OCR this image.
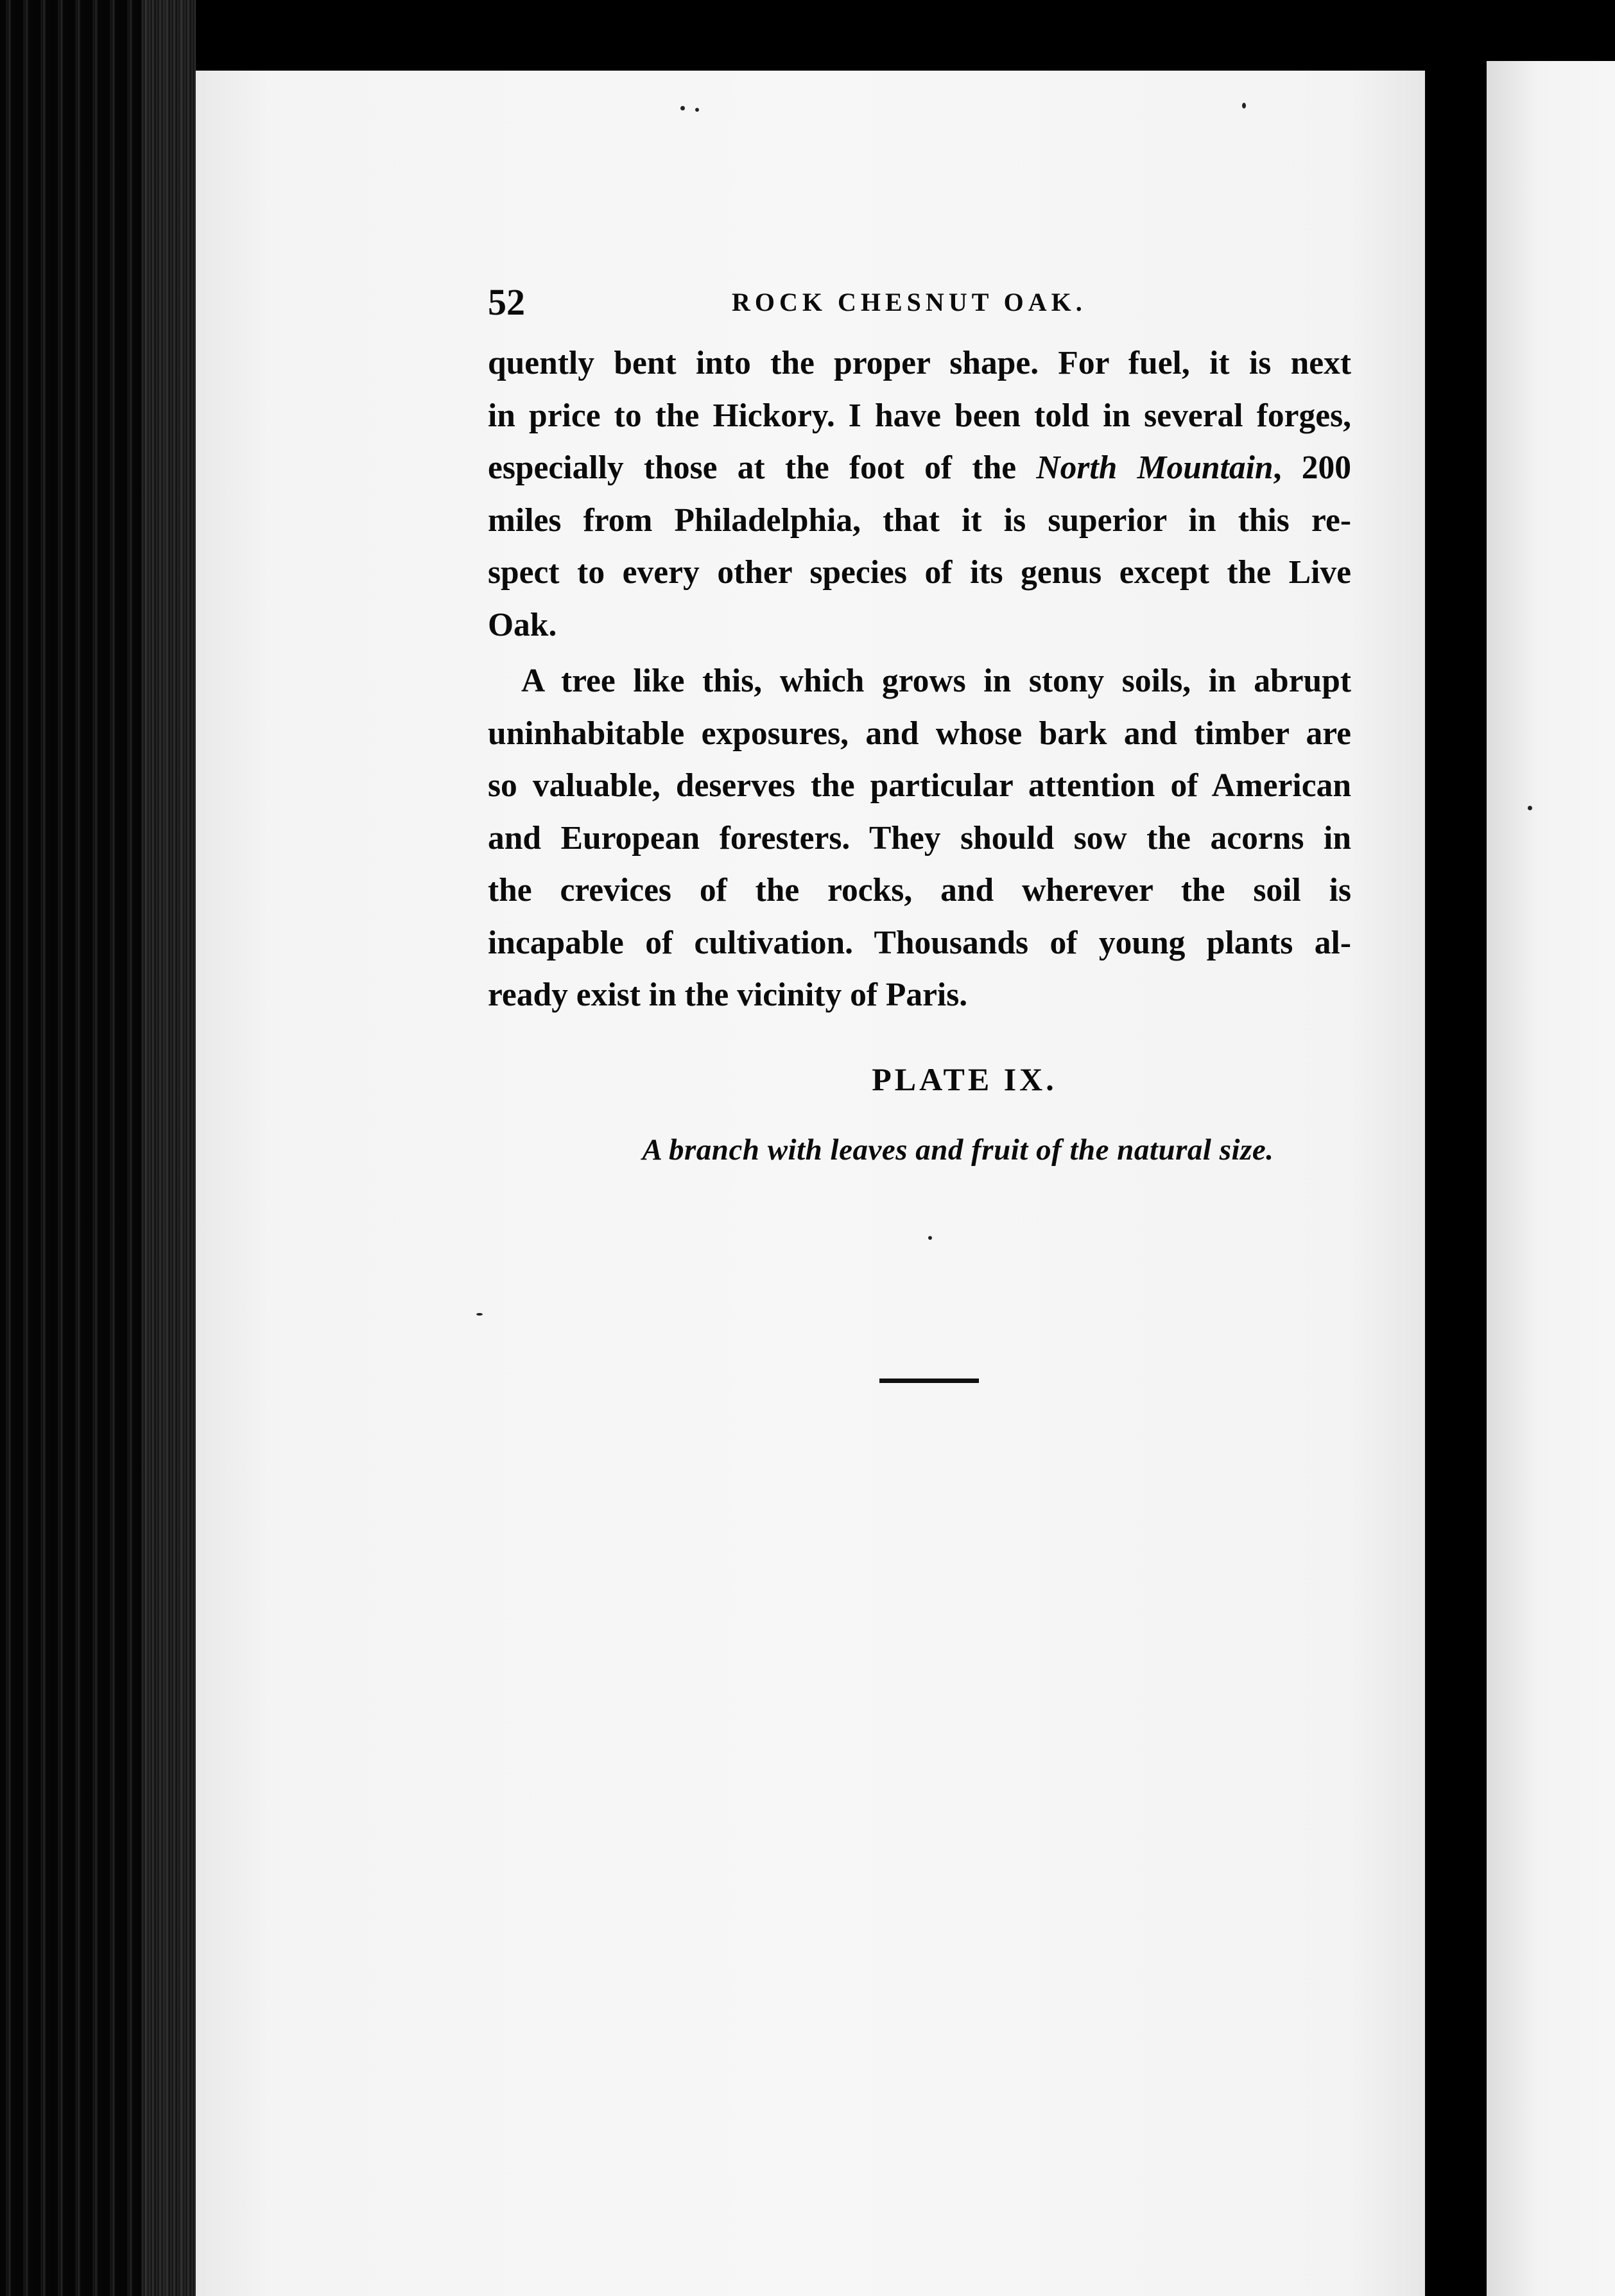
52	ROCK CHESNUT OAK.

quently bent into the proper shape. For fuel, it is next
in price to the Hickory. I have been told in several forges,
especially those at the foot of the North Mountain, 200
miles from Philadelphia, that it is superior in this re-
spect to every other species of its genus except the Live
Oak.

A tree like this, which grows in stony soils, in abrupt
uninhabitable exposures, and whose bark and timber are
so valuable, deserves the particular attention of American
and European foresters. They should sow the acorns in
the crevices of the rocks, and wherever the soil is
incapable of cultivation. Thousands of young plants al-
ready exist in the vicinity of Paris.

PLATE IX.
A branch with leaves and fruit of the natural size.
